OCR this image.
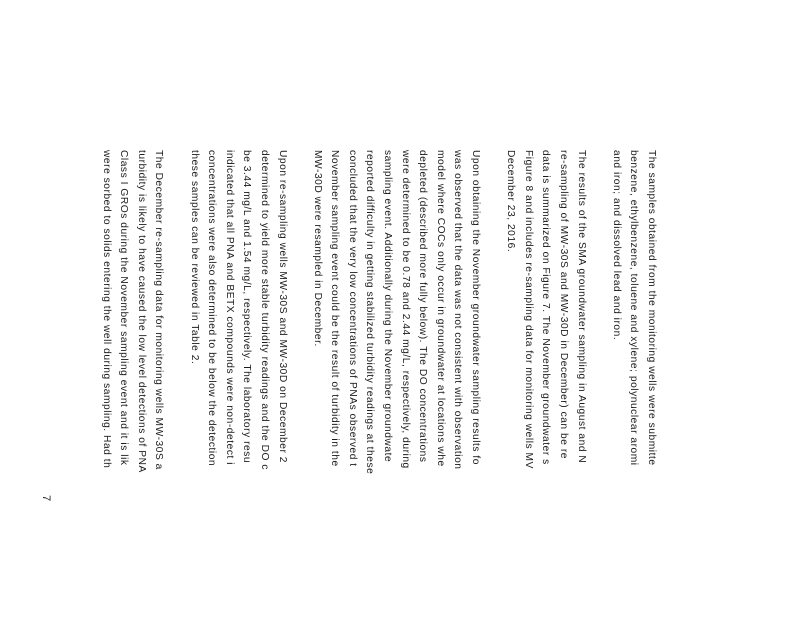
The samples obtained from the monitoring wells were submitte
benzene, ethylbenzene, toluene and xylene; polynuclear aromi
and iron; and dissolved lead and iron.

The results of the SMA groundwater sampling in August and N
re-sampling of MW-30S and MW-30D in December) can be re
data is summarized on Figure 7. The November groundwater s
Figure 8 and includes re-sampling data for monitoring wells MV
December 23, 2016.

Upon obtaining the November groundwater sampling results fo
was observed that the data was not consistent with observation
model where COCs only occur in groundwater at locations whe
depleted (described more fully below). The DO concentrations
were determined to be 0.78 and 2.44 mg/L, respectively, during
sampling event. Additionally during the November groundwate
reported difficulty in getting stabilized turbidity readings at these
concluded that the very low concentrations of PNAs observed t
November sampling event could be the result of turbidity in the
MW-30D were resampled in December.

Upon re-sampling wells MW-30S and MW-30D on December 2
determined to yield more stable turbidity readings and the DO c
be 3.44 mg/L and 1.54 mg/L, respectively. The laboratory resu
indicated that all PNA and BETX compounds were non-detect i
concentrations were also determined to be below the detection
these samples can be reviewed in Table 2.

The December re-sampling data for monitoring wells MW-30S a
turbidity is likely to have caused the low level detections of PNA
Class I GROs during the November sampling event and it is lik
were sorbed to solids entering the well during sampling. Had th

7
